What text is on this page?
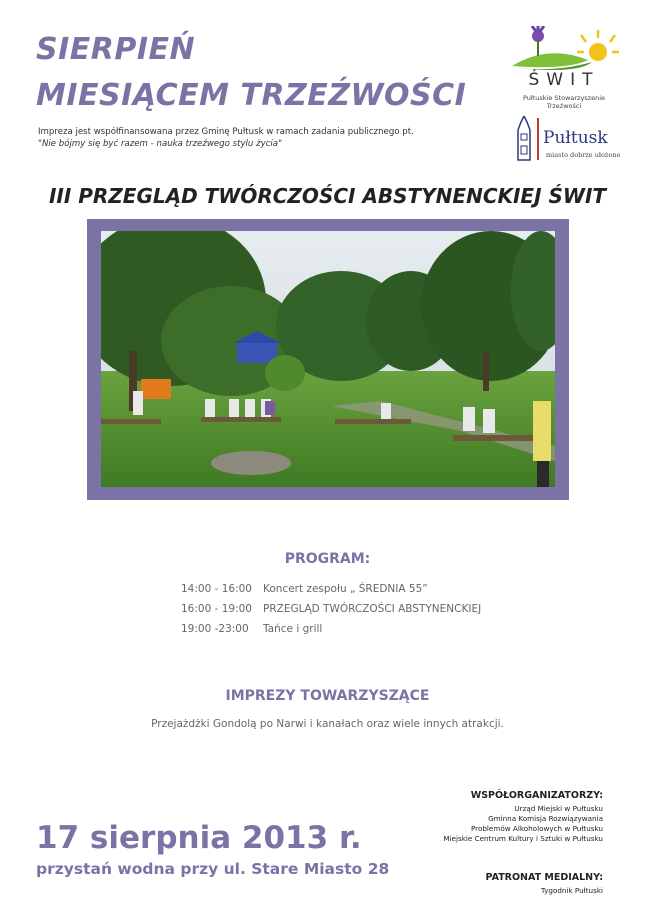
SIERPIEŃ
MIESIĄCEM TRZEŹWOŚCI
Impreza jest współfinansowana przez Gminę Pułtusk w ramach zadania publicznego pt.
"Nie bójmy się być razem - nauka trzeźwego stylu życia"
ŚWIT
Pułtuskie Stowarzyszenie Trzeźwości
Pułtusk
miasto dobrze ułożone
III PRZEGLĄD TWÓRCZOŚCI ABSTYNENCKIEJ ŚWIT
PROGRAM:
14:00 - 16:00 Koncert zespołu „ ŚREDNIA 55”
16:00 - 19:00 PRZEGLĄD TWÓRCZOŚCI ABSTYNENCKIEJ
19:00 -23:00 Tańce i grill
IMPREZY TOWARZYSZĄCE
Przejażdżki Gondolą po Narwi i kanałach oraz wiele innych atrakcji.
17 sierpnia 2013 r.
przystań wodna przy ul. Stare Miasto 28
WSPÓŁORGANIZATORZY:
Urząd Miejski w Pułtusku
Gminna Komisja Rozwiązywania
Problemów Alkoholowych w Pułtusku
Miejskie Centrum Kultury i Sztuki w Pułtusku
PATRONAT MEDIALNY:
Tygodnik Pułtuski
